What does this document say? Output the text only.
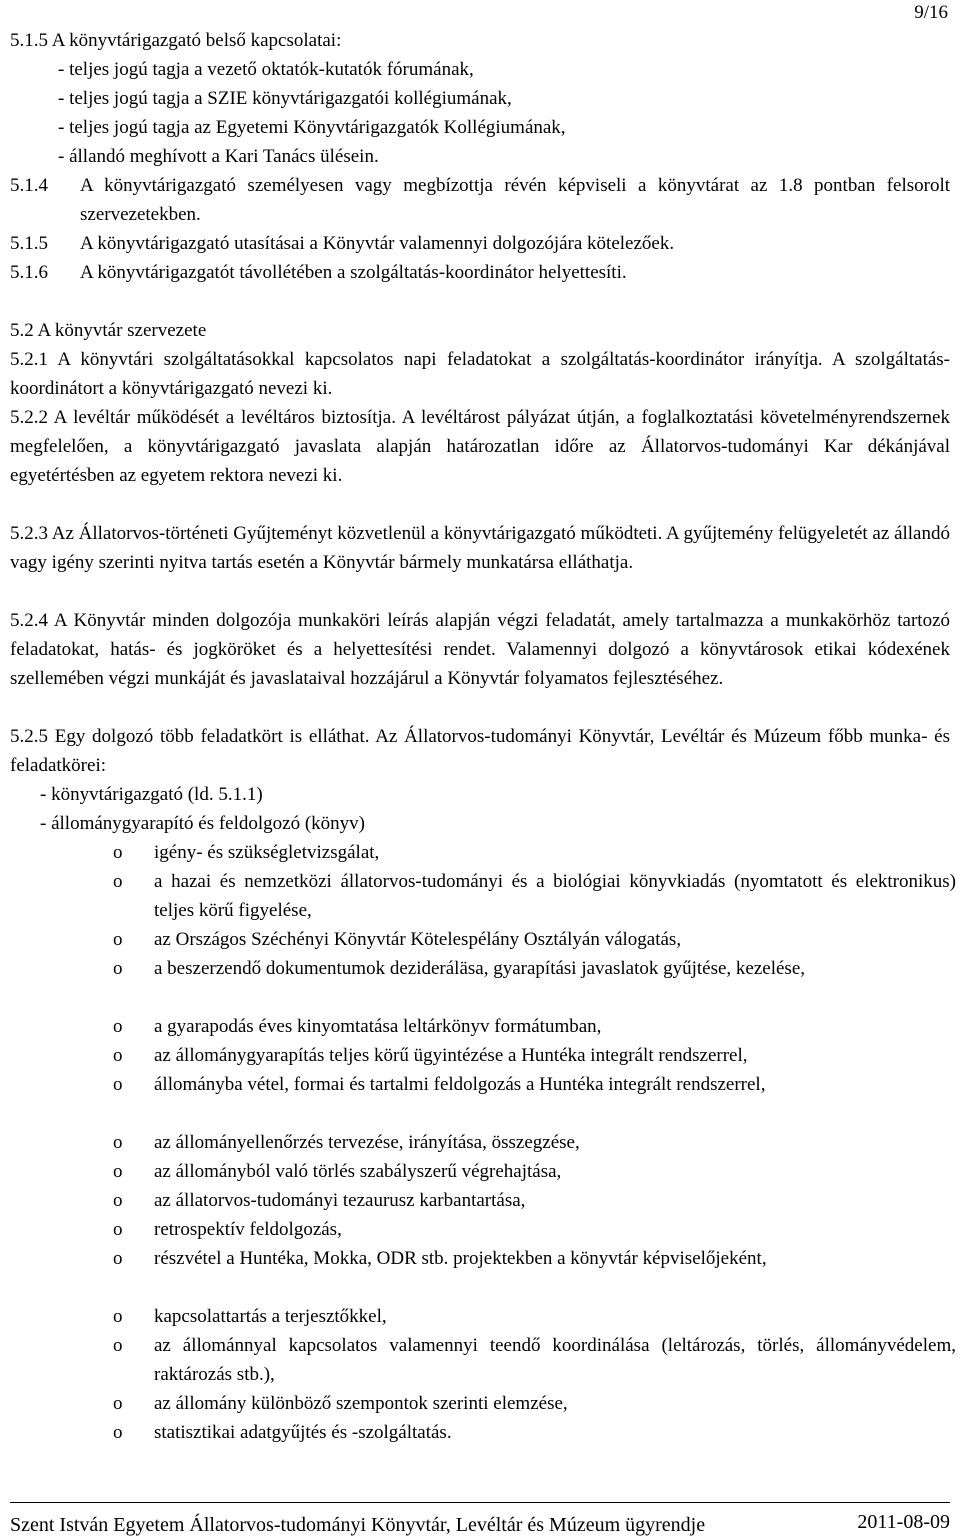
9/16
5.1.5 A könyvtárigazgató belső kapcsolatai:
- teljes jogú tagja a vezető oktatók-kutatók fórumának,
- teljes jogú tagja a SZIE könyvtárigazgatói kollégiumának,
- teljes jogú tagja az Egyetemi Könyvtárigazgatók Kollégiumának,
- állandó meghívott a Kari Tanács ülésein.
5.1.4 A könyvtárigazgató személyesen vagy megbízottja révén képviseli a könyvtárat az 1.8 pontban felsorolt szervezetekben.
5.1.5 A könyvtárigazgató utasításai a Könyvtár valamennyi dolgozójára kötelezőek.
5.1.6 A könyvtárigazgatót távollétében a szolgáltatás-koordinátor helyettesíti.
5.2 A könyvtár szervezete
5.2.1 A könyvtári szolgáltatásokkal kapcsolatos napi feladatokat a szolgáltatás-koordinátor irányítja. A szolgáltatás-koordinátort a könyvtárigazgató nevezi ki.
5.2.2 A levéltár működését a levéltáros biztosítja. A levéltárost pályázat útján, a foglalkoztatási követelményrendszernek megfelelően, a könyvtárigazgató javaslata alapján határozatlan időre az Állatorvos-tudományi Kar dékánjával egyetértésben az egyetem rektora nevezi ki.
5.2.3 Az Állatorvos-történeti Gyűjteményt közvetlenül a könyvtárigazgató működteti. A gyűjtemény felügyeletét az állandó vagy igény szerinti nyitva tartás esetén a Könyvtár bármely munkatársa elláthatja.
5.2.4 A Könyvtár minden dolgozója munkaköri leírás alapján végzi feladatát, amely tartalmazza a munkakörhöz tartozó feladatokat, hatás- és jogköröket és a helyettesítési rendet. Valamennyi dolgozó a könyvtárosok etikai kódexének szellemében végzi munkáját és javaslataival hozzájárul a Könyvtár folyamatos fejlesztéséhez.
5.2.5 Egy dolgozó több feladatkört is elláthat. Az Állatorvos-tudományi Könyvtár, Levéltár és Múzeum főbb munka- és feladatkörei:
- könyvtárigazgató (ld. 5.1.1)
- állománygyarapító és feldolgozó (könyv)
o igény- és szükségletvizsgálat,
o a hazai és nemzetközi állatorvos-tudományi és a biológiai könyvkiadás (nyomtatott és elektronikus) teljes körű figyelése,
o az Országos Széchényi Könyvtár Kötelespélány Osztályán válogatás,
o a beszerzendő dokumentumok dezideráläsa, gyarapítási javaslatok gyűjtése, kezelése,
o a gyarapodás éves kinyomtatása leltárkönyv formátumban,
o az állománygyarapítás teljes körű ügyintézése a Huntéka integrált rendszerrel,
o állományba vétel, formai és tartalmi feldolgozás a Huntéka integrált rendszerrel,
o az állományellenőrzés tervezése, irányítása, összegzése,
o az állományból való törlés szabályszerű végrehajtása,
o az állatorvos-tudományi tezaurusz karbantartása,
o retrospektív feldolgozás,
o részvétel a Huntéka, Mokka, ODR stb. projektekben a könyvtár képviselőjeként,
o kapcsolattartás a terjesztőkkel,
o az állománnyal kapcsolatos valamennyi teendő koordinálása (leltározás, törlés, állományvédelem, raktározás stb.),
o az állomány különböző szempontok szerinti elemzése,
o statisztikai adatgyűjtés és -szolgáltatás.
Szent István Egyetem Állatorvos-tudományi Könyvtár, Levéltár és Múzeum ügyrendje	2011-08-09
